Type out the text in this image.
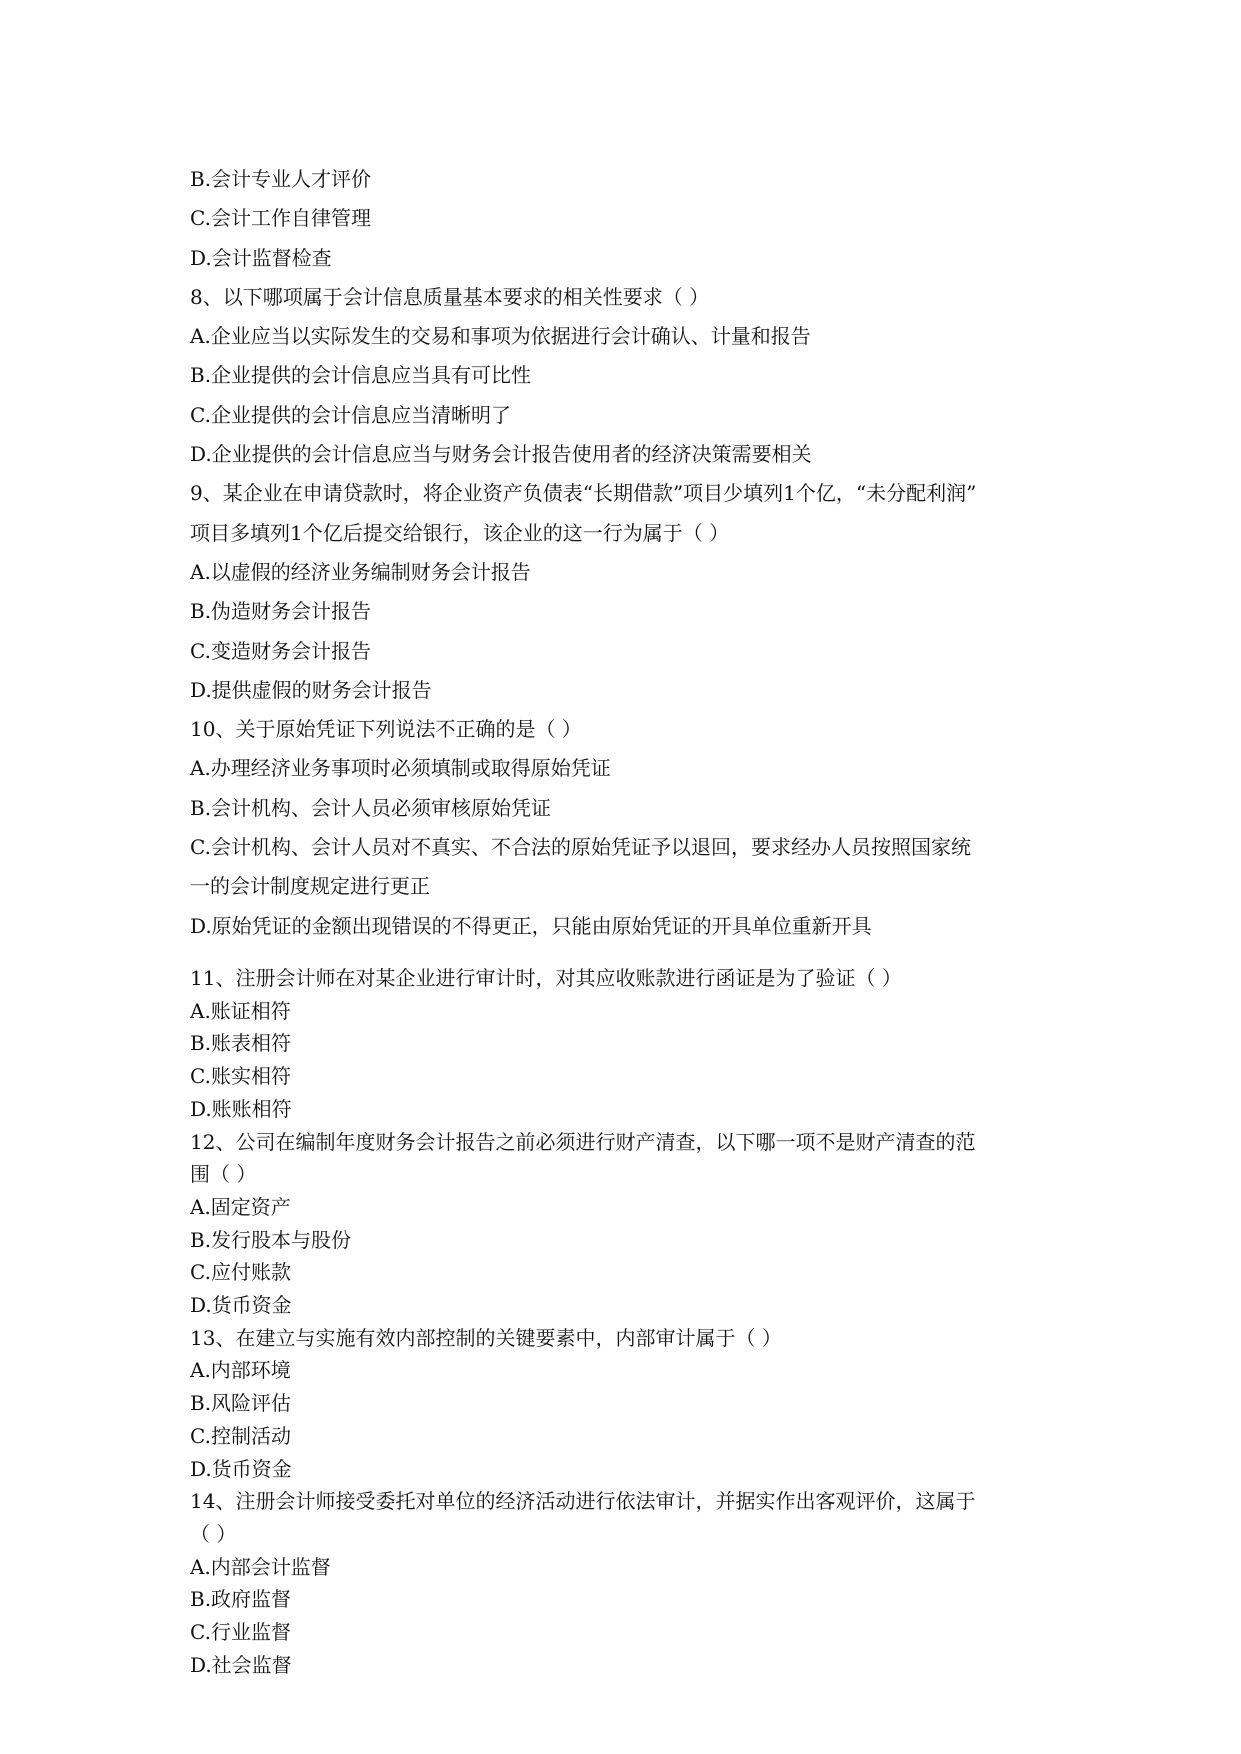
B.会计专业人才评价
C.会计工作自律管理
D.会计监督检查
8、以下哪项属于会计信息质量基本要求的相关性要求（ ）
A.企业应当以实际发生的交易和事项为依据进行会计确认、计量和报告
B.企业提供的会计信息应当具有可比性
C.企业提供的会计信息应当清晰明了
D.企业提供的会计信息应当与财务会计报告使用者的经济决策需要相关
9、某企业在申请贷款时，将企业资产负债表“长期借款”项目少填列1个亿，“未分配利润”
项目多填列1个亿后提交给银行，该企业的这一行为属于（ ）
A.以虚假的经济业务编制财务会计报告
B.伪造财务会计报告
C.变造财务会计报告
D.提供虚假的财务会计报告
10、关于原始凭证下列说法不正确的是（ ）
A.办理经济业务事项时必须填制或取得原始凭证
B.会计机构、会计人员必须审核原始凭证
C.会计机构、会计人员对不真实、不合法的原始凭证予以退回，要求经办人员按照国家统
一的会计制度规定进行更正
D.原始凭证的金额出现错误的不得更正，只能由原始凭证的开具单位重新开具
11、注册会计师在对某企业进行审计时，对其应收账款进行函证是为了验证（ ）
A.账证相符
B.账表相符
C.账实相符
D.账账相符
12、公司在编制年度财务会计报告之前必须进行财产清查，以下哪一项不是财产清查的范
围（ ）
A.固定资产
B.发行股本与股份
C.应付账款
D.货币资金
13、在建立与实施有效内部控制的关键要素中，内部审计属于（ ）
A.内部环境
B.风险评估
C.控制活动
D.货币资金
14、注册会计师接受委托对单位的经济活动进行依法审计，并据实作出客观评价，这属于
（ ）
A.内部会计监督
B.政府监督
C.行业监督
D.社会监督
